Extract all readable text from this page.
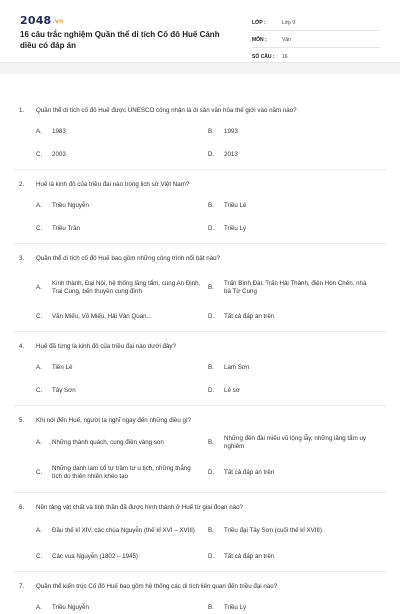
2048.vn
16 câu trắc nghiệm Quần thể di tích Cố đô Huế Cánh diều có đáp án
LỚP :	Lớp 9
MÔN :	Văn
SỐ CÂU :	16
1. Quần thể di tích cố đô Huế được UNESCO công nhận là di sản văn hóa thế giới vào năm nào?
A.	1983	B.	1993
C.	2003	D.	2013
2. Huế là kinh đô của triều đại nào trong lịch sử Việt Nam?
A.	Triều Nguyễn	B.	Triều Lê
C.	Triều Trần	D.	Triều Lý
3. Quần thể di tích cố đô Huế bao gồm những công trình nổi bật nào?
A.
Kinh thành, Đại Nội, hệ thống lăng tẩm, cung An Định, Trai Cung, bến thuyền cung đình
B.
Trấn Bình Đài, Trấn Hải Thành, điện Hòn Chén, nhà bà Từ Cung
C.	Văn Miếu, Võ Miếu, Hải Vân Quan...	D.	Tất cả đáp án trên
4. Huế đã từng là kinh đô của triều đại nào dưới đây?
A.	Tiền Lê	B.	Lam Sơn
C.	Tây Sơn	D.	Lê sơ
5. Khi nói đến Huế, người ta nghĩ ngay đến những điều gì?
A.	Những thành quách, cung điện vàng son	B.
Những đền đài miếu vũ lộng lẫy, những lăng tẩm uy nghiêm
C.
Những danh lam cổ tự trầm tư u tịch, những thắng tích do thiên nhiên khéo tạo
D.	Tất cả đáp án trên
6. Nền tảng vật chất và tinh thần đã được hình thành ở Huế từ giai đoạn nào?
A.	Đầu thế kỉ XIV, các chúa Nguyễn (thế kỉ XVI – XVIII)	B.	Triều đại Tây Sơn (cuối thế kỉ XVIII)
C.	Các vua Nguyễn (1802 – 1945)	D.	Tất cả đáp án trên
7. Quần thể kiến trúc Cố đô Huế bao gồm hệ thống các di tích liên quan đến triều đại nào?
A.	Triều Nguyễn	B.	Triều Lý
